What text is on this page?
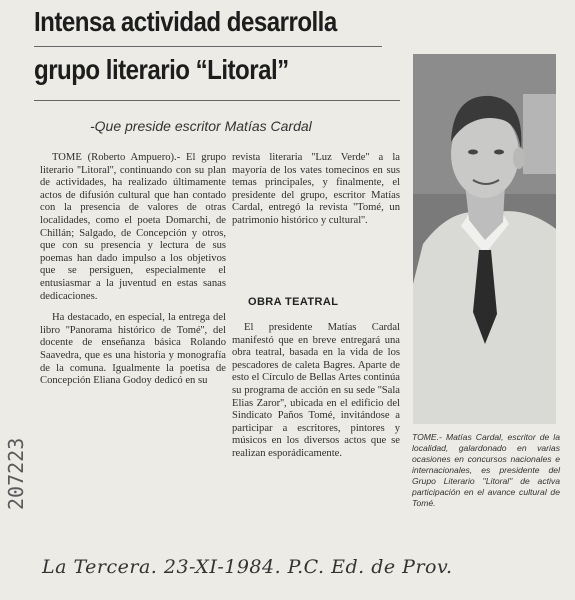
Intensa actividad desarrolla
grupo literario “Litoral”
-Que preside escritor Matías Cardal

TOME (Roberto Ampuero).- El grupo literario ''Litoral'', continuando con su plan de actividades, ha realizado últimamente actos de difusión cultural que han contado con la presencia de valores de otras localidades, como el poeta Domarchi, de Chillán; Salgado, de Concepción y otros, que con su presencia y lectura de sus poemas han dado impulso a los objetivos que se persiguen, especialmente el entusiasmar a la juventud en estas sanas dedicaciones.

Ha destacado, en especial, la entrega del libro ''Panorama histórico de Tomé'', del docente de enseñanza básica Rolando Saavedra, que es una historia y monografía de la comuna. Igualmente la poetisa de Concepción Eliana Godoy dedicó en su

revista literaria ''Luz Verde'' a la mayoría de los vates tomecinos en sus temas principales, y finalmente, el presidente del grupo, escritor Matías Cardal, entregó la revista ''Tomé, un patrimonio histórico y cultural''.

OBRA TEATRAL

El presidente Matías Cardal manifestó que en breve entregará una obra teatral, basada en la vida de los pescadores de caleta Bagres. Aparte de esto el Círculo de Bellas Artes continúa su programa de acción en su sede ''Sala Elias Zaror'', ubicada en el edificio del Sindicato Paños Tomé, invitándose a participar a escritores, pintores y músicos en los diversos actos que se realizan esporádicamente.

TOME.- Matías Cardal, escritor de la localidad, galardonado en varias ocasiones en concursos nacionales e internacionales, es presidente del Grupo Literario ''Litoral'' de activa participación en el avance cultural de Tomé.
207223
La Tercera. 23-XI-1984. P.C. Ed. de Prov.
